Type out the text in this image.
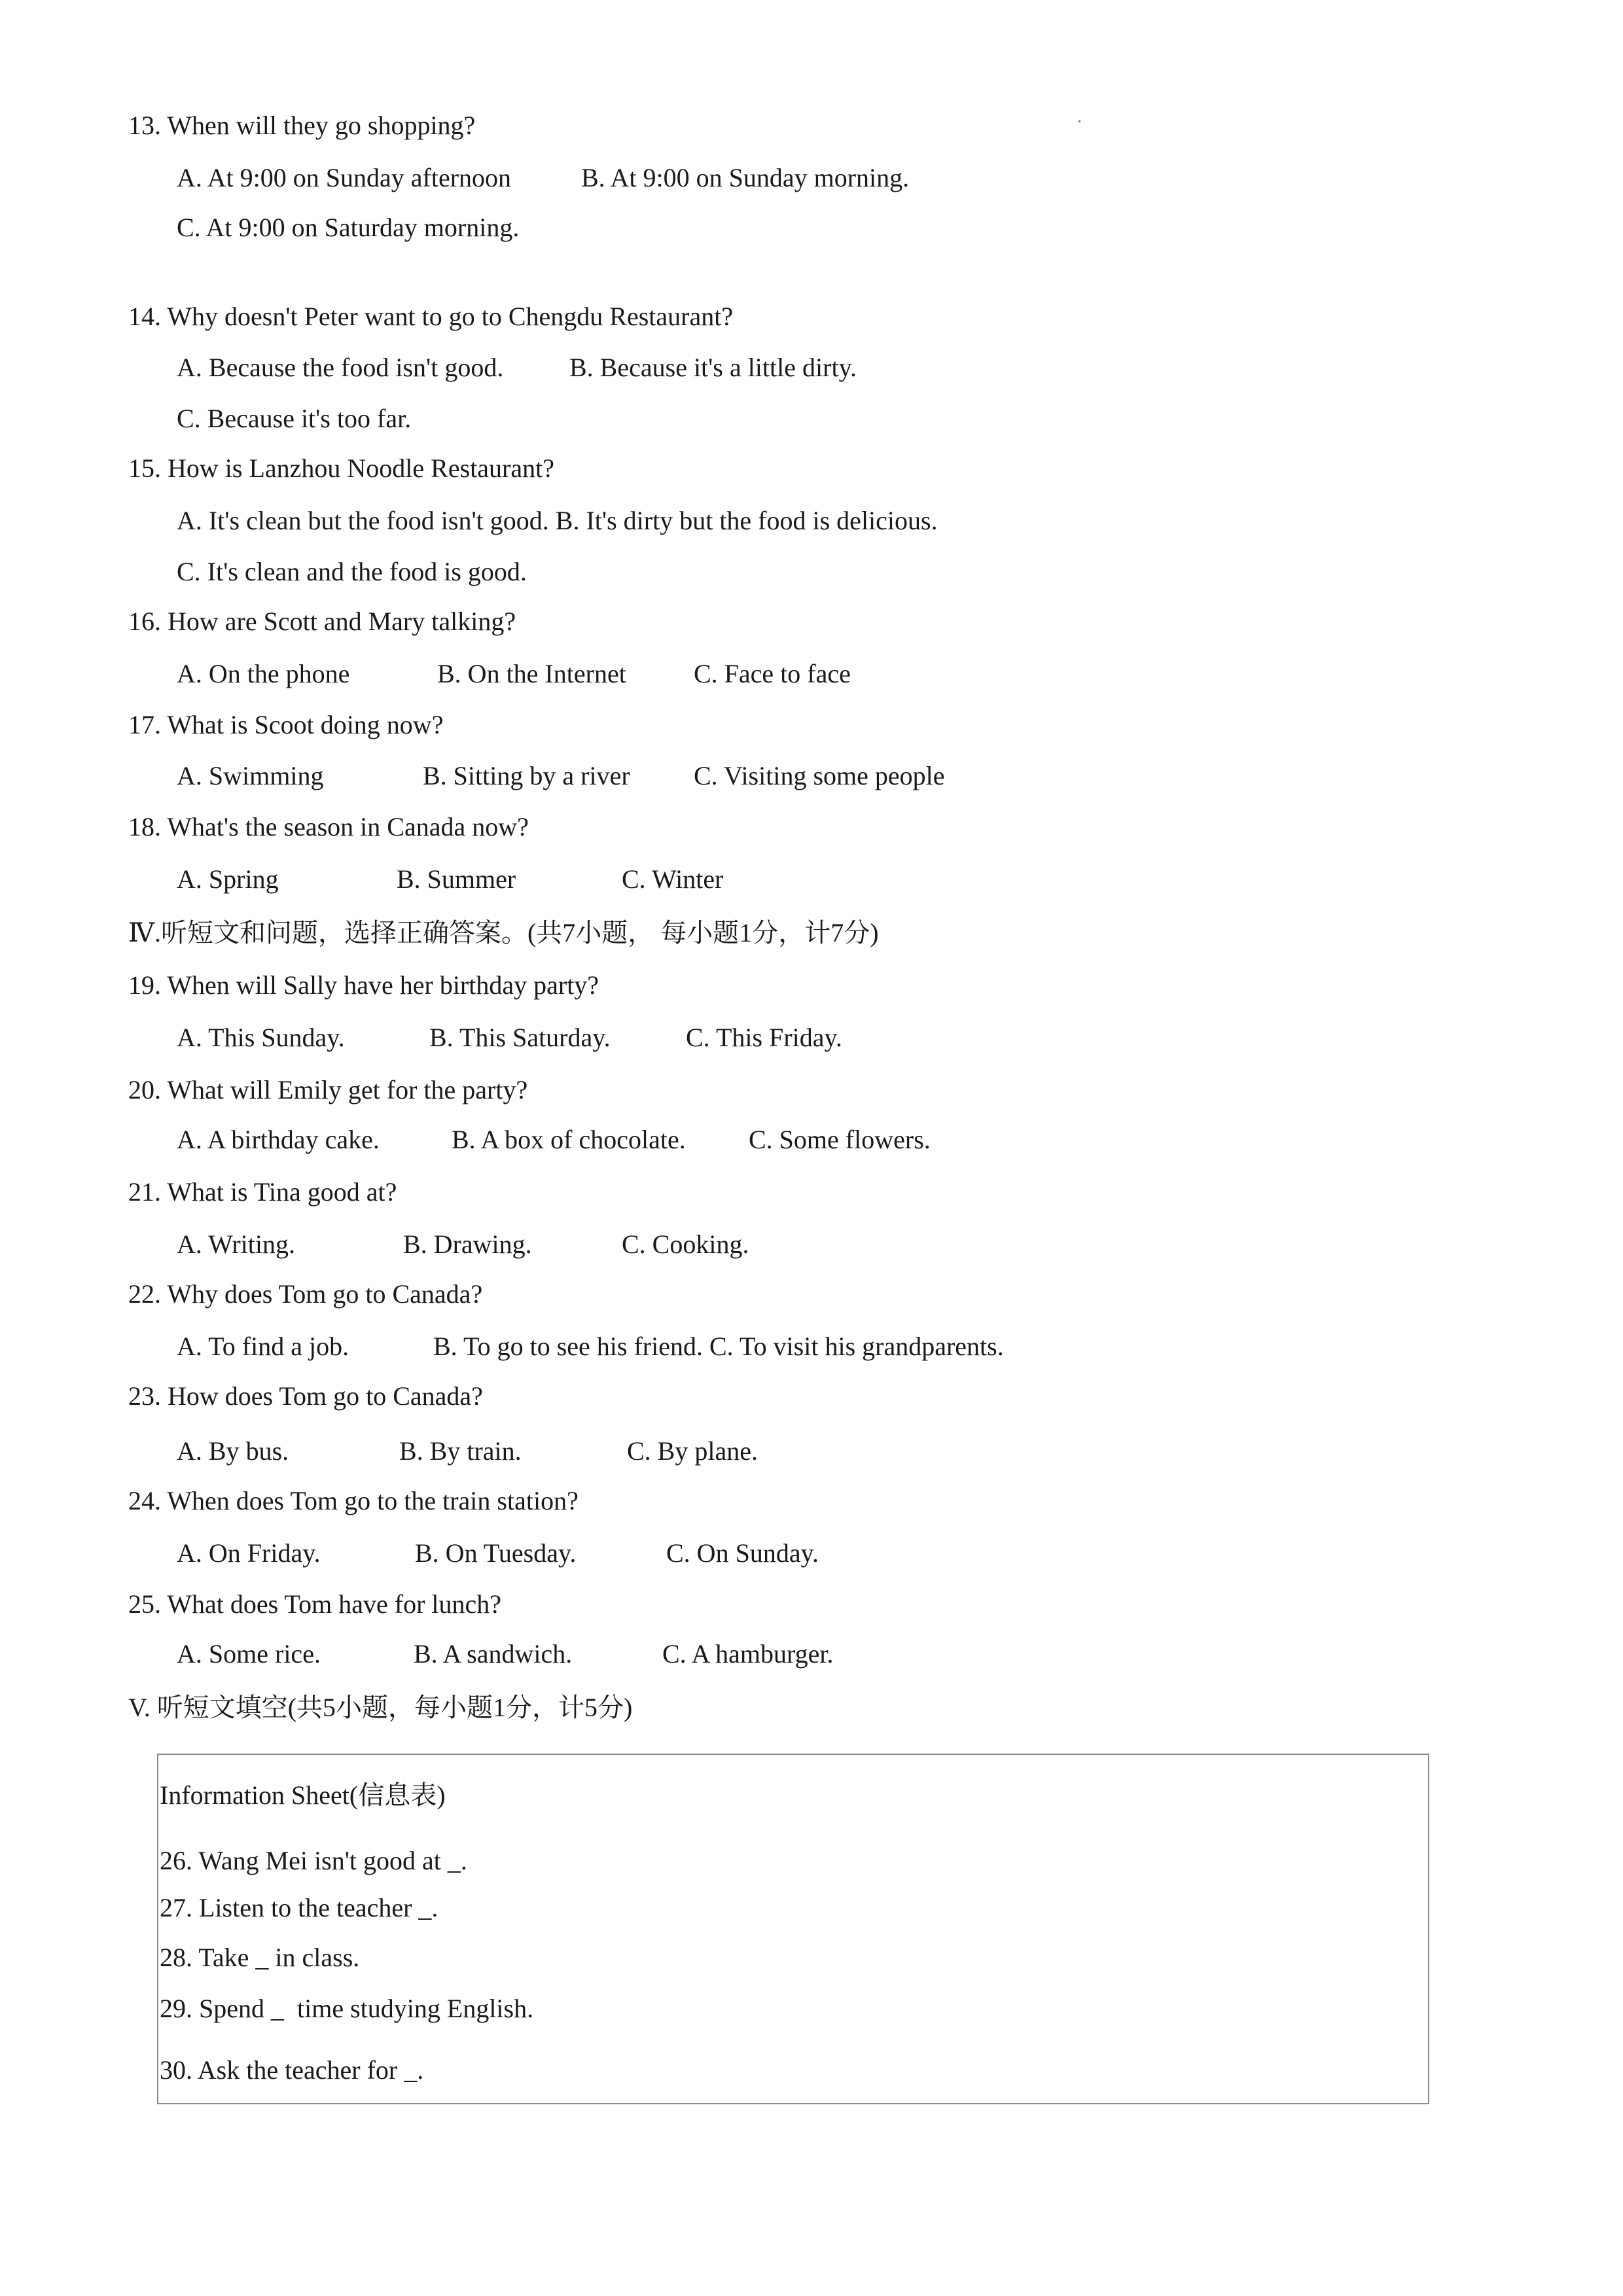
13. When will they go shopping?
A. At 9:00 on Sunday afternoon	B. At 9:00 on Sunday morning.
C. At 9:00 on Saturday morning.
14. Why doesn't Peter want to go to Chengdu Restaurant?
A. Because the food isn't good.	B. Because it's a little dirty.
C. Because it's too far.
15. How is Lanzhou Noodle Restaurant?
A. It's clean but the food isn't good. B. It's dirty but the food is delicious.
C. It's clean and the food is good.
16. How are Scott and Mary talking?
A. On the phone	B. On the Internet	C. Face to face
17. What is Scoot doing now?
A. Swimming	B. Sitting by a river C. Visiting some people
18. What's the season in Canada now?
A. Spring	B. Summer	C. Winter
Ⅳ.听短文和问题，选择正确答案。(共7小题， 每小题1分，计7分)
19. When will Sally have her birthday party?
A. This Sunday.	B. This Saturday.	C. This Friday.
20. What will Emily get for the party?
A. A birthday cake.	B. A box of chocolate. C. Some flowers.
21. What is Tina good at?
A. Writing.	B. Drawing.	C. Cooking.
22. Why does Tom go to Canada?
A. To find a job.	B. To go to see his friend. C. To visit his grandparents.
23. How does Tom go to Canada?
A. By bus.	B. By train.	C. By plane.
24. When does Tom go to the train station?
A. On Friday.	B. On Tuesday.	C. On Sunday.
25. What does Tom have for lunch?
A. Some rice.	B. A sandwich.	C. A hamburger.
V. 听短文填空(共5小题，每小题1分，计5分)
Information Sheet(信息表)
26. Wang Mei isn't good at _.
27. Listen to the teacher _.
28. Take _ in class.
29. Spend _  time studying English.
30. Ask the teacher for _.
